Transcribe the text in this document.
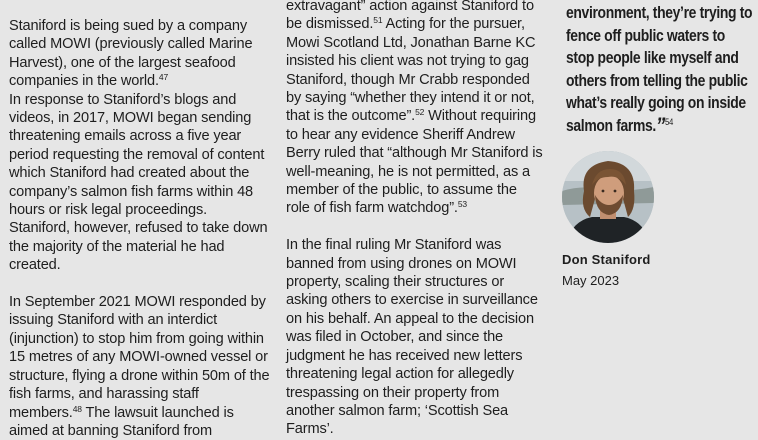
Staniford is being sued by a company called MOWI (previously called Marine Harvest), one of the largest seafood companies in the world.$^{47}$

In response to Staniford’s blogs and videos, in 2017, MOWI began sending threatening emails across a five year period requesting the removal of content which Staniford had created about the company’s salmon fish farms within 48 hours or risk legal proceedings. Staniford, however, refused to take down the majority of the material he had created.

In September 2021 MOWI responded by issuing Staniford with an interdict (injunction) to stop him from going within 15 metres of any MOWI-owned vessel or structure, flying a drone within 50m of the fish farms, and harassing staff members.$^{48}$ The lawsuit launched is aimed at banning Staniford from

extravagant” action against Staniford to be dismissed.$^{51}$ Acting for the pursuer, Mowi Scotland Ltd, Jonathan Barne KC insisted his client was not trying to gag Staniford, though Mr Crabb responded by saying “whether they intend it or not, that is the outcome”.$^{52}$ Without requiring to hear any evidence Sheriff Andrew Berry ruled that “although Mr Staniford is well-meaning, he is not permitted, as a member of the public, to assume the role of fish farm watchdog”.$^{53}$

In the final ruling Mr Staniford was banned from using drones on MOWI property, scaling their structures or asking others to exercise in surveillance on his behalf. An appeal to the decision was filed in October, and since the judgment he has received new letters threatening legal action for allegedly trespassing on their property from another salmon farm; ‘Scottish Sea Farms’.

environment, they’re trying to fence off public waters to stop people like myself and others from telling the public what’s really going on inside salmon farms.”$^{54}$
Don Staniford
May 2023
